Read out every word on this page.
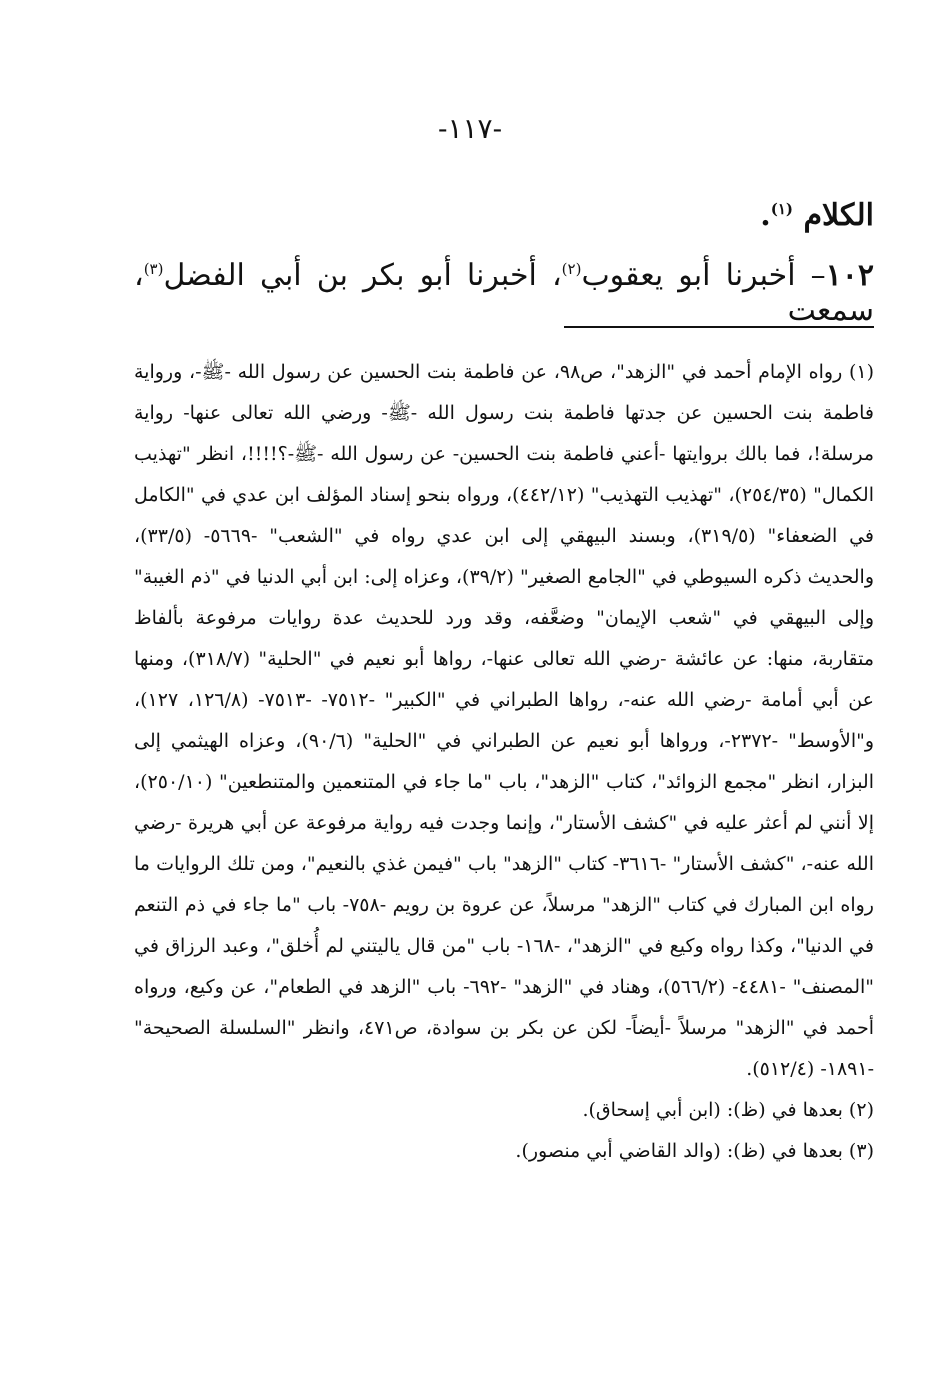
-١١٧-
الكلام $^{(١)}$.
١٠٢– أخبرنا أبو يعقوب$^{(٢)}$، أخبرنا أبو بكر بن أبي الفضل$^{(٣)}$، سمعت

(١) رواه الإمام أحمد في "الزهد"، ص٩٨، عن فاطمة بنت الحسين عن رسول الله -ﷺ-، ورواية فاطمة بنت الحسين عن جدتها فاطمة بنت رسول الله -ﷺ- ورضي الله تعالى عنها- رواية مرسلة!، فما بالك بروايتها -أعني فاطمة بنت الحسين- عن رسول الله -ﷺ-؟!!!!، انظر "تهذيب الكمال" (٢٥٤/٣٥)، "تهذيب التهذيب" (٤٤٢/١٢)، ورواه بنحو إسناد المؤلف ابن عدي في "الكامل في الضعفاء" (٣١٩/٥)، وبسند البيهقي إلى ابن عدي رواه في "الشعب" -٥٦٦٩- (٣٣/٥)، والحديث ذكره السيوطي في "الجامع الصغير" (٣٩/٢)، وعزاه إلى: ابن أبي الدنيا في "ذم الغيبة" وإلى البيهقي في "شعب الإيمان" وضعَّفه، وقد ورد للحديث عدة روايات مرفوعة بألفاظ متقاربة، منها: عن عائشة -رضي الله تعالى عنها-، رواها أبو نعيم في "الحلية" (٣١٨/٧)، ومنها عن أبي أمامة -رضي الله عنه-، رواها الطبراني في "الكبير" -٧٥١٢- -٧٥١٣- (١٢٦/٨، ١٢٧)، و"الأوسط" -٢٣٧٢-، ورواها أبو نعيم عن الطبراني في "الحلية" (٩٠/٦)، وعزاه الهيثمي إلى البزار، انظر "مجمع الزوائد"، كتاب "الزهد"، باب "ما جاء في المتنعمين والمتنطعين" (٢٥٠/١٠)، إلا أنني لم أعثر عليه في "كشف الأستار"، وإنما وجدت فيه رواية مرفوعة عن أبي هريرة -رضي الله عنه-، "كشف الأستار" -٣٦١٦- كتاب "الزهد" باب "فيمن غذي بالنعيم"، ومن تلك الروايات ما رواه ابن المبارك في كتاب "الزهد" مرسلاً، عن عروة بن رويم -٧٥٨- باب "ما جاء في ذم التنعم في الدنيا"، وكذا رواه وكيع في "الزهد"، -١٦٨- باب "من قال ياليتني لم أُخلق"، وعبد الرزاق في "المصنف" -٤٤٨١- (٥٦٦/٢)، وهناد في "الزهد" -٦٩٢- باب "الزهد في الطعام"، عن وكيع، ورواه أحمد في "الزهد" مرسلاً -أيضاً- لكن عن بكر بن سوادة، ص٤٧١، وانظر "السلسلة الصحيحة" -١٨٩١- (٥١٢/٤).

(٢) بعدها في (ظ): (ابن أبي إسحاق).

(٣) بعدها في (ظ): (والد القاضي أبي منصور).
